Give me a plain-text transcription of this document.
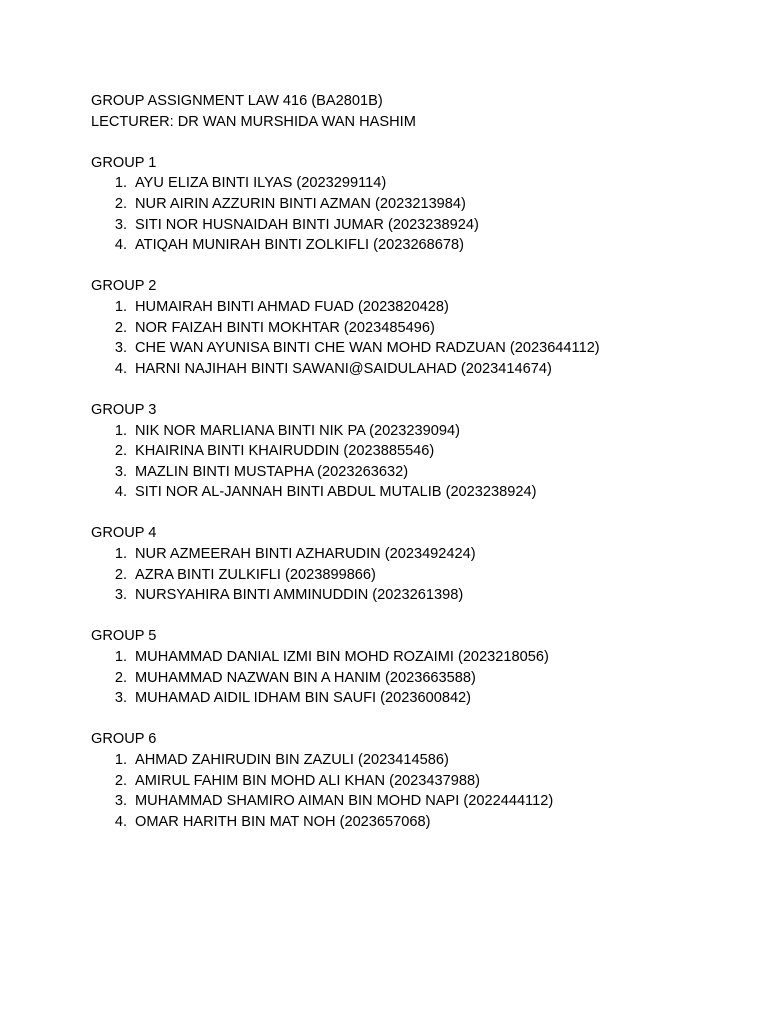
GROUP ASSIGNMENT LAW 416 (BA2801B)
LECTURER: DR WAN MURSHIDA WAN HASHIM
GROUP 1
1. AYU ELIZA BINTI ILYAS (2023299114)
2. NUR AIRIN AZZURIN BINTI AZMAN (2023213984)
3. SITI NOR HUSNAIDAH BINTI JUMAR (2023238924)
4. ATIQAH MUNIRAH BINTI ZOLKIFLI (2023268678)
GROUP 2
1. HUMAIRAH BINTI AHMAD FUAD (2023820428)
2. NOR FAIZAH BINTI MOKHTAR (2023485496)
3. CHE WAN AYUNISA BINTI CHE WAN MOHD RADZUAN (2023644112)
4. HARNI NAJIHAH BINTI SAWANI@SAIDULAHAD (2023414674)
GROUP 3
1. NIK NOR MARLIANA BINTI NIK PA (2023239094)
2. KHAIRINA BINTI KHAIRUDDIN (2023885546)
3. MAZLIN BINTI MUSTAPHA (2023263632)
4. SITI NOR AL-JANNAH BINTI ABDUL MUTALIB (2023238924)
GROUP 4
1. NUR AZMEERAH BINTI AZHARUDIN (2023492424)
2. AZRA BINTI ZULKIFLI (2023899866)
3. NURSYAHIRA BINTI AMMINUDDIN (2023261398)
GROUP 5
1. MUHAMMAD DANIAL IZMI BIN MOHD ROZAIMI (2023218056)
2. MUHAMMAD NAZWAN BIN A HANIM (2023663588)
3. MUHAMAD AIDIL IDHAM BIN SAUFI (2023600842)
GROUP 6
1. AHMAD ZAHIRUDIN BIN ZAZULI (2023414586)
2. AMIRUL FAHIM BIN MOHD ALI KHAN (2023437988)
3. MUHAMMAD SHAMIRO AIMAN BIN MOHD NAPI (2022444112)
4. OMAR HARITH BIN MAT NOH (2023657068)
